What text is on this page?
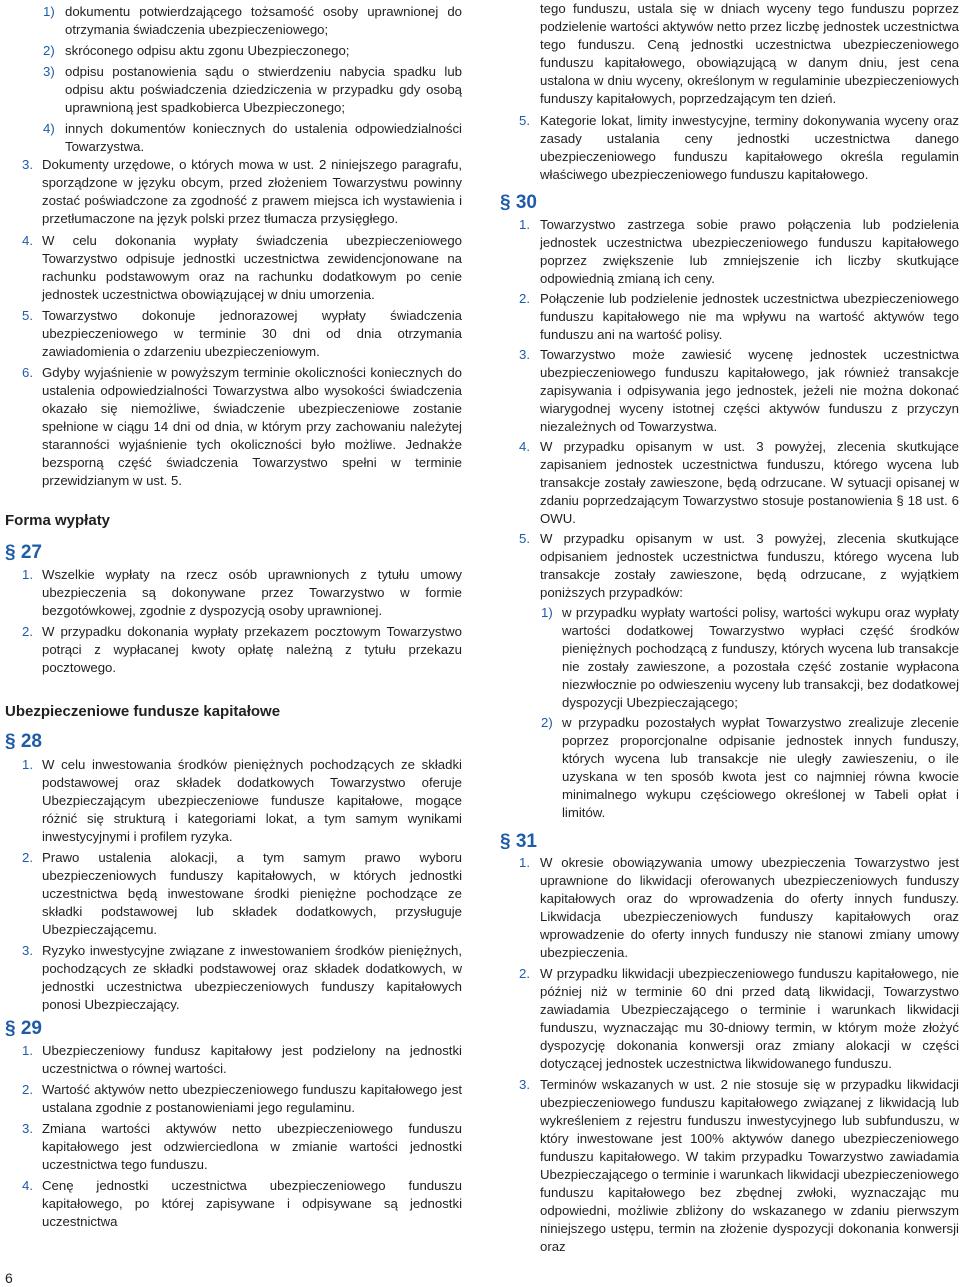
1) dokumentu potwierdzającego tożsamość osoby uprawnionej do otrzymania świadczenia ubezpieczeniowego;
2) skróconego odpisu aktu zgonu Ubezpieczonego;
3) odpisu postanowienia sądu o stwierdzeniu nabycia spadku lub odpisu aktu poświadczenia dziedziczenia w przypadku gdy osobą uprawnioną jest spadkobierca Ubezpieczonego;
4) innych dokumentów koniecznych do ustalenia odpowiedzialności Towarzystwa.
3. Dokumenty urzędowe, o których mowa w ust. 2 niniejszego paragrafu, sporządzone w języku obcym, przed złożeniem Towarzystwu powinny zostać poświadczone za zgodność z prawem miejsca ich wystawienia i przetłumaczone na język polski przez tłumacza przysięgłego.
4. W celu dokonania wypłaty świadczenia ubezpieczeniowego Towarzystwo odpisuje jednostki uczestnictwa zewidencjonowane na rachunku podstawowym oraz na rachunku dodatkowym po cenie jednostek uczestnictwa obowiązującej w dniu umorzenia.
5. Towarzystwo dokonuje jednorazowej wypłaty świadczenia ubezpieczeniowego w terminie 30 dni od dnia otrzymania zawiadomienia o zdarzeniu ubezpieczeniowym.
6. Gdyby wyjaśnienie w powyższym terminie okoliczności koniecznych do ustalenia odpowiedzialności Towarzystwa albo wysokości świadczenia okazało się niemożliwe, świadczenie ubezpieczeniowe zostanie spełnione w ciągu 14 dni od dnia, w którym przy zachowaniu należytej staranności wyjaśnienie tych okoliczności było możliwe. Jednakże bezsporną część świadczenia Towarzystwo spełni w terminie przewidzianym w ust. 5.
Forma wypłaty
§ 27
1. Wszelkie wypłaty na rzecz osób uprawnionych z tytułu umowy ubezpieczenia są dokonywane przez Towarzystwo w formie bezgotówkowej, zgodnie z dyspozycją osoby uprawnionej.
2. W przypadku dokonania wypłaty przekazem pocztowym Towarzystwo potrąci z wypłacanej kwoty opłatę należną z tytułu przekazu pocztowego.
Ubezpieczeniowe fundusze kapitałowe
§ 28
1. W celu inwestowania środków pieniężnych pochodzących ze składki podstawowej oraz składek dodatkowych Towarzystwo oferuje Ubezpieczającym ubezpieczeniowe fundusze kapitałowe, mogące różnić się strukturą i kategoriami lokat, a tym samym wynikami inwestycyjnymi i profilem ryzyka.
2. Prawo ustalenia alokacji, a tym samym prawo wyboru ubezpieczeniowych funduszy kapitałowych, w których jednostki uczestnictwa będą inwestowane środki pieniężne pochodzące ze składki podstawowej lub składek dodatkowych, przysługuje Ubezpieczającemu.
3. Ryzyko inwestycyjne związane z inwestowaniem środków pieniężnych, pochodzących ze składki podstawowej oraz składek dodatkowych, w jednostki uczestnictwa ubezpieczeniowych funduszy kapitałowych ponosi Ubezpieczający.
§ 29
1. Ubezpieczeniowy fundusz kapitałowy jest podzielony na jednostki uczestnictwa o równej wartości.
2. Wartość aktywów netto ubezpieczeniowego funduszu kapitałowego jest ustalana zgodnie z postanowieniami jego regulaminu.
3. Zmiana wartości aktywów netto ubezpieczeniowego funduszu kapitałowego jest odzwierciedlona w zmianie wartości jednostki uczestnictwa tego funduszu.
4. Cenę jednostki uczestnictwa ubezpieczeniowego funduszu kapitałowego, po której zapisywane i odpisywane są jednostki uczestnictwa
tego funduszu, ustala się w dniach wyceny tego funduszu poprzez podzielenie wartości aktywów netto przez liczbę jednostek uczestnictwa tego funduszu. Ceną jednostki uczestnictwa ubezpieczeniowego funduszu kapitałowego, obowiązującą w danym dniu, jest cena ustalona w dniu wyceny, określonym w regulaminie ubezpieczeniowych funduszy kapitałowych, poprzedzającym ten dzień.
5. Kategorie lokat, limity inwestycyjne, terminy dokonywania wyceny oraz zasady ustalania ceny jednostki uczestnictwa danego ubezpieczeniowego funduszu kapitałowego określa regulamin właściwego ubezpieczeniowego funduszu kapitałowego.
§ 30
1. Towarzystwo zastrzega sobie prawo połączenia lub podzielenia jednostek uczestnictwa ubezpieczeniowego funduszu kapitałowego poprzez zwiększenie lub zmniejszenie ich liczby skutkujące odpowiednią zmianą ich ceny.
2. Połączenie lub podzielenie jednostek uczestnictwa ubezpieczeniowego funduszu kapitałowego nie ma wpływu na wartość aktywów tego funduszu ani na wartość polisy.
3. Towarzystwo może zawiesić wycenę jednostek uczestnictwa ubezpieczeniowego funduszu kapitałowego, jak również transakcje zapisywania i odpisywania jego jednostek, jeżeli nie można dokonać wiarygodnej wyceny istotnej części aktywów funduszu z przyczyn niezależnych od Towarzystwa.
4. W przypadku opisanym w ust. 3 powyżej, zlecenia skutkujące zapisaniem jednostek uczestnictwa funduszu, którego wycena lub transakcje zostały zawieszone, będą odrzucane. W sytuacji opisanej w zdaniu poprzedzającym Towarzystwo stosuje postanowienia § 18 ust. 6 OWU.
5. W przypadku opisanym w ust. 3 powyżej, zlecenia skutkujące odpisaniem jednostek uczestnictwa funduszu, którego wycena lub transakcje zostały zawieszone, będą odrzucane, z wyjątkiem poniższych przypadków:
1) w przypadku wypłaty wartości polisy, wartości wykupu oraz wypłaty wartości dodatkowej Towarzystwo wypłaci część środków pieniężnych pochodzącą z funduszy, których wycena lub transakcje nie zostały zawieszone, a pozostała część zostanie wypłacona niezwłocznie po odwieszeniu wyceny lub transakcji, bez dodatkowej dyspozycji Ubezpieczającego;
2) w przypadku pozostałych wypłat Towarzystwo zrealizuje zlecenie poprzez proporcjonalne odpisanie jednostek innych funduszy, których wycena lub transakcje nie uległy zawieszeniu, o ile uzyskana w ten sposób kwota jest co najmniej równa kwocie minimalnego wykupu częściowego określonej w Tabeli opłat i limitów.
§ 31
1. W okresie obowiązywania umowy ubezpieczenia Towarzystwo jest uprawnione do likwidacji oferowanych ubezpieczeniowych funduszy kapitałowych oraz do wprowadzenia do oferty innych funduszy. Likwidacja ubezpieczeniowych funduszy kapitałowych oraz wprowadzenie do oferty innych funduszy nie stanowi zmiany umowy ubezpieczenia.
2. W przypadku likwidacji ubezpieczeniowego funduszu kapitałowego, nie później niż w terminie 60 dni przed datą likwidacji, Towarzystwo zawiadamia Ubezpieczającego o terminie i warunkach likwidacji funduszu, wyznaczając mu 30-dniowy termin, w którym może złożyć dyspozycję dokonania konwersji oraz zmiany alokacji w części dotyczącej jednostek uczestnictwa likwidowanego funduszu.
3. Terminów wskazanych w ust. 2 nie stosuje się w przypadku likwidacji ubezpieczeniowego funduszu kapitałowego związanej z likwidacją lub wykreśleniem z rejestru funduszu inwestycyjnego lub subfunduszu, w który inwestowane jest 100% aktywów danego ubezpieczeniowego funduszu kapitałowego. W takim przypadku Towarzystwo zawiadamia Ubezpieczającego o terminie i warunkach likwidacji ubezpieczeniowego funduszu kapitałowego bez zbędnej zwłoki, wyznaczając mu odpowiedni, możliwie zbliżony do wskazanego w zdaniu pierwszym niniejszego ustępu, termin na złożenie dyspozycji dokonania konwersji oraz
6
